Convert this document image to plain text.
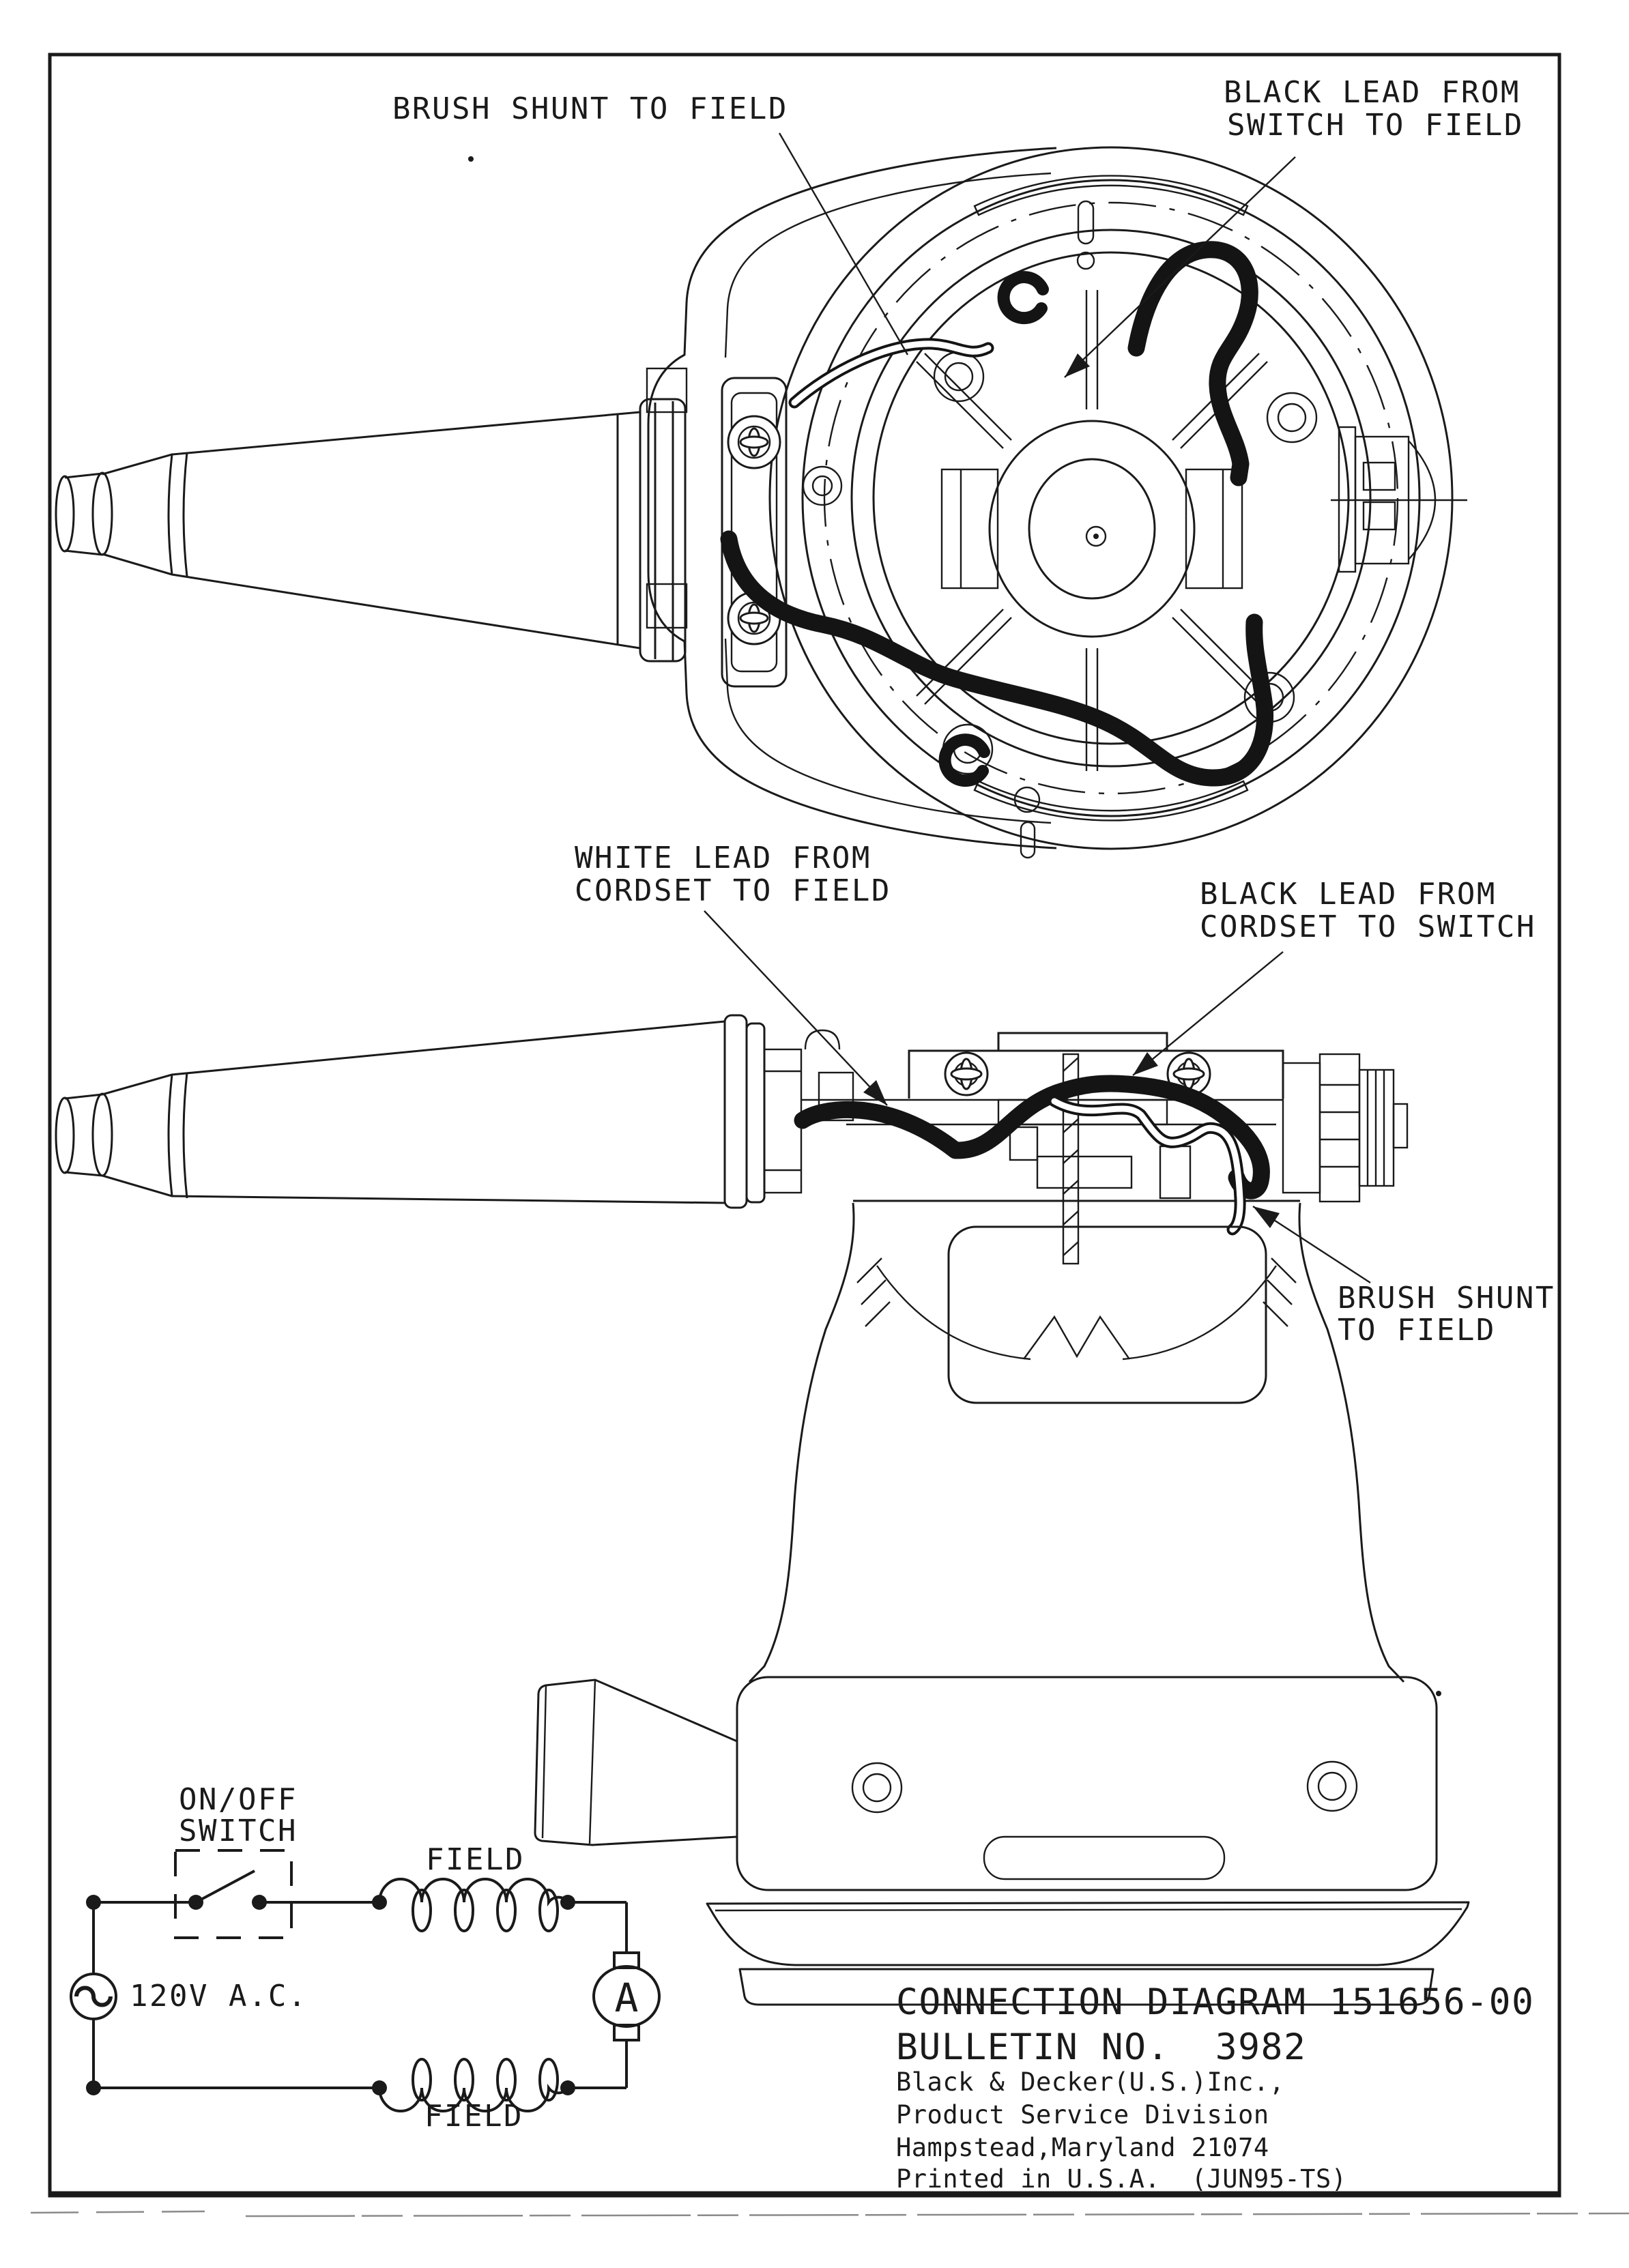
BRUSH SHUNT TO FIELD	BLACK LEAD FROM
SWITCH TO FIELD
WHITE LEAD FROM
CORDSET TO FIELD	BLACK LEAD FROM
CORDSET TO SWITCH
BRUSH SHUNT
TO FIELD
ON/OFF
SWITCH
FIELD
120V A.C.	A
FIELD
CONNECTION DIAGRAM 151656-00
BULLETIN NO.  3982
Black & Decker(U.S.)Inc.,
Product Service Division
Hampstead,Maryland 21074
Printed in U.S.A.  (JUN95-TS)
